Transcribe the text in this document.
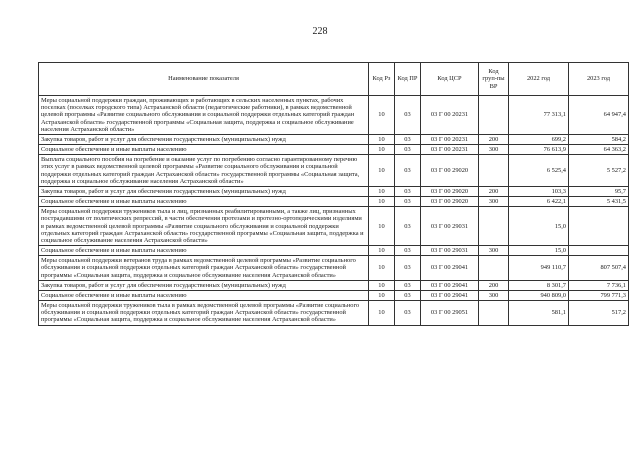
228
Наименование показателя	Код Рз	Код ПР	Код ЦСР	Код груп-пы ВР	2022 год	2023 год
Меры социальной поддержки граждан, проживающих и работающих в сельских населенных пунктах, рабочих поселках (поселках городского типа) Астраханской области (педагогические работники), в рамках ведомственной целевой программы «Развитие социального обслуживания и социальной поддержки отдельных категорий граждан Астраханской области» государственной программы «Социальная защита, поддержка и социальное обслуживание населения Астраханской области»	10	03	03 Г 00 20231		77 313,1	64 947,4
Закупка товаров, работ и услуг для обеспечения государственных (муниципальных) нужд	10	03	03 Г 00 20231	200	699,2	584,2
Социальное обеспечение и иные выплаты населению	10	03	03 Г 00 20231	300	76 613,9	64 363,2
Выплата социального пособия на погребение и оказание услуг по погребению согласно гарантированному перечню этих услуг в рамках ведомственной целевой программы «Развитие социального обслуживания и социальной поддержки отдельных категорий граждан Астраханской области» государственной программы «Социальная защита, поддержка и социальное обслуживание населения Астраханской области»	10	03	03 Г 00 29020		6 525,4	5 527,2
Закупка товаров, работ и услуг для обеспечения государственных (муниципальных) нужд	10	03	03 Г 00 29020	200	103,3	95,7
Социальное обеспечение и иные выплаты населению	10	03	03 Г 00 29020	300	6 422,1	5 431,5
Меры социальной поддержки тружеников тыла и лиц, признанных реабилитированными, а также лиц, признанных пострадавшими от политических репрессий, в части обеспечения протезами и протезно-ортопедическими изделиями в рамках ведомственной целевой программы «Развитие социального обслуживания и социальной поддержки отдельных категорий граждан Астраханской области» государственной программы «Социальная защита, поддержка и социальное обслуживание населения Астраханской области»	10	03	03 Г 00 29031		15,0	
Социальное обеспечение и иные выплаты населению	10	03	03 Г 00 29031	300	15,0	
Меры социальной поддержки ветеранов труда в рамках ведомственной целевой программы «Развитие социального обслуживания и социальной поддержки отдельных категорий граждан Астраханской области» государственной программы «Социальная защита, поддержка и социальное обслуживание населения Астраханской области»	10	03	03 Г 00 29041		949 110,7	807 507,4
Закупка товаров, работ и услуг для обеспечения государственных (муниципальных) нужд	10	03	03 Г 00 29041	200	8 301,7	7 736,1
Социальное обеспечение и иные выплаты населению	10	03	03 Г 00 29041	300	940 809,0	799 771,3
Меры социальной поддержки тружеников тыла в рамках ведомственной целевой программы «Развитие социального обслуживания и социальной поддержки отдельных категорий граждан Астраханской области» государственной программы «Социальная защита, поддержка и социальное обслуживание населения Астраханской области»	10	03	03 Г 00 29051		581,1	517,2
